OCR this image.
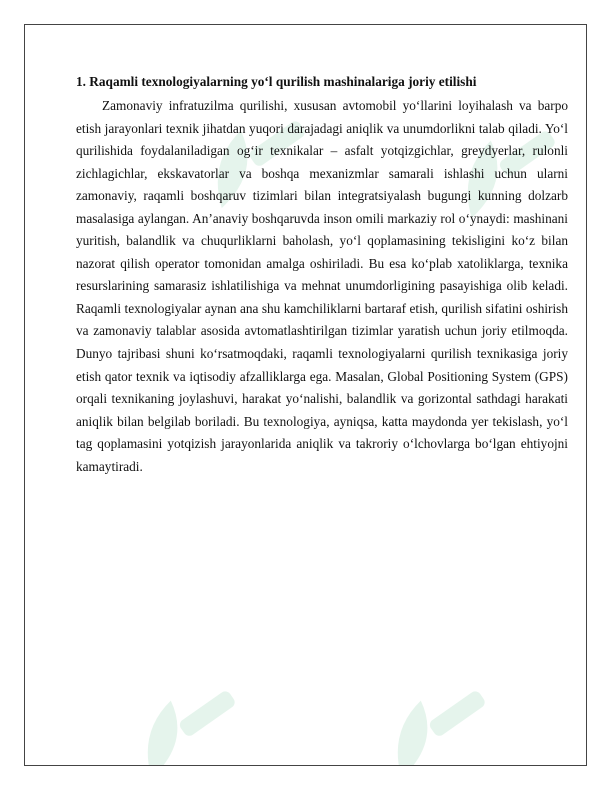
1. Raqamli texnologiyalarning yo‘l qurilish mashinalariga joriy etilishi

Zamonaviy infratuzilma qurilishi, xususan avtomobil yo‘llarini loyihalash va barpo etish jarayonlari texnik jihatdan yuqori darajadagi aniqlik va unumdorlikni talab qiladi. Yo‘l qurilishida foydalaniladigan og‘ir texnikalar – asfalt yotqizgichlar, greydyerlar, rulonli zichlagichlar, ekskavatorlar va boshqa mexanizmlar samarali ishlashi uchun ularni zamonaviy, raqamli boshqaruv tizimlari bilan integratsiyalash bugungi kunning dolzarb masalasiga aylangan. An’anaviy boshqaruvda inson omili markaziy rol o‘ynaydi: mashinani yuritish, balandlik va chuqurliklarni baholash, yo‘l qoplamasining tekisligini ko‘z bilan nazorat qilish operator tomonidan amalga oshiriladi. Bu esa ko‘plab xatoliklarga, texnika resurslarining samarasiz ishlatilishiga va mehnat unumdorligining pasayishiga olib keladi. Raqamli texnologiyalar aynan ana shu kamchiliklarni bartaraf etish, qurilish sifatini oshirish va zamonaviy talablar asosida avtomatlashtirilgan tizimlar yaratish uchun joriy etilmoqda. Dunyo tajribasi shuni ko‘rsatmoqdaki, raqamli texnologiyalarni qurilish texnikasiga joriy etish qator texnik va iqtisodiy afzalliklarga ega. Masalan, Global Positioning System (GPS) orqali texnikaning joylashuvi, harakat yo‘nalishi, balandlik va gorizontal sathdagi harakati aniqlik bilan belgilab boriladi. Bu texnologiya, ayniqsa, katta maydonda yer tekislash, yo‘l tag qoplamasini yotqizish jarayonlarida aniqlik va takroriy o‘lchovlarga bo‘lgan ehtiyojni kamaytiradi.
